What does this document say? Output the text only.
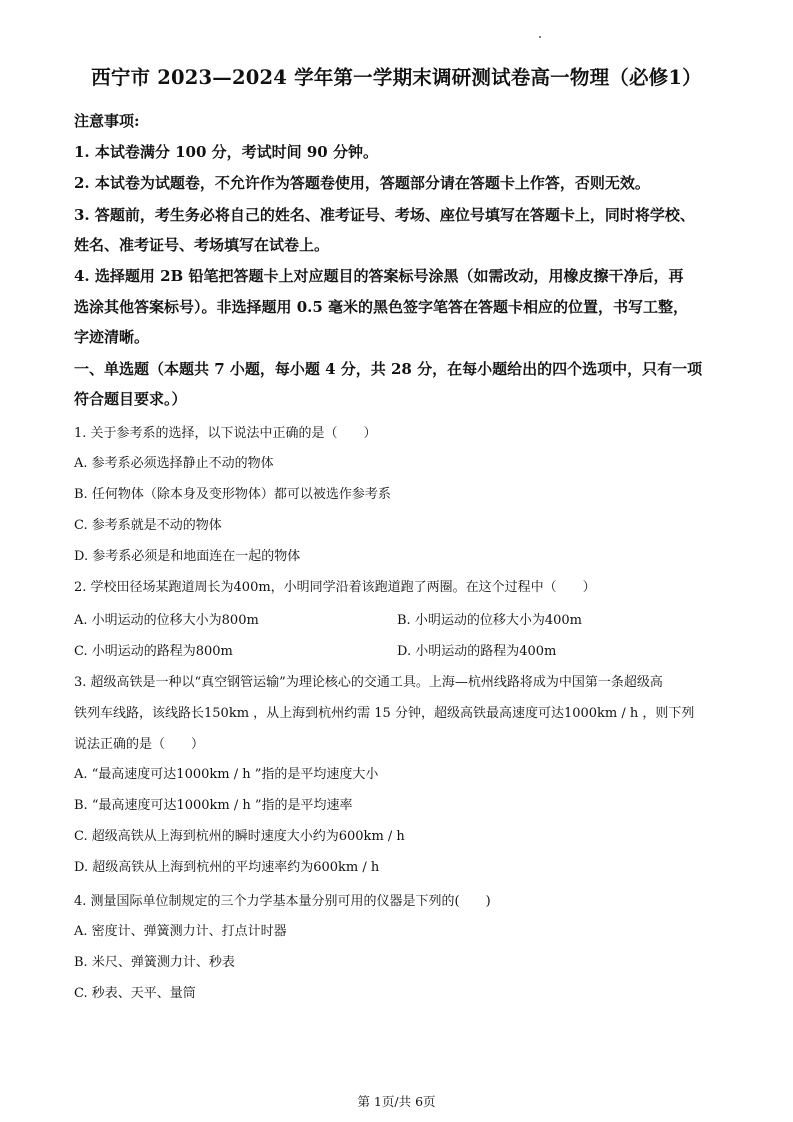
西宁市 2023—2024 学年第一学期末调研测试卷高一物理（必修1）
注意事项:
1. 本试卷满分 100 分，考试时间 90 分钟。
2. 本试卷为试题卷，不允许作为答题卷使用，答题部分请在答题卡上作答，否则无效。
3. 答题前，考生务必将自己的姓名、准考证号、考场、座位号填写在答题卡上，同时将学校、
姓名、准考证号、考场填写在试卷上。
4. 选择题用 2B 铅笔把答题卡上对应题目的答案标号涂黑（如需改动，用橡皮擦干净后，再
选涂其他答案标号）。非选择题用 0.5 毫米的黑色签字笔答在答题卡相应的位置，书写工整，
字迹清晰。
一、单选题（本题共 7 小题，每小题 4 分，共 28 分，在每小题给出的四个选项中，只有一项
符合题目要求。）
1. 关于参考系的选择，以下说法中正确的是（　　）
A. 参考系必须选择静止不动的物体
B. 任何物体（除本身及变形物体）都可以被选作参考系
C. 参考系就是不动的物体
D. 参考系必须是和地面连在一起的物体
2. 学校田径场某跑道周长为400m，小明同学沿着该跑道跑了两圈。在这个过程中（　　）
A. 小明运动的位移大小为800m	B. 小明运动的位移大小为400m
C. 小明运动的路程为800m	D. 小明运动的路程为400m
3. 超级高铁是一种以“真空钢管运输”为理论核心的交通工具。上海—杭州线路将成为中国第一条超级高
铁列车线路，该线路长150km ，从上海到杭州约需 15 分钟，超级高铁最高速度可达1000km / h ，则下列
说法正确的是（　　）
A. “最高速度可达1000km / h ”指的是平均速度大小
B. “最高速度可达1000km / h ”指的是平均速率
C. 超级高铁从上海到杭州的瞬时速度大小约为600km / h
D. 超级高铁从上海到杭州的平均速率约为600km / h
4. 测量国际单位制规定的三个力学基本量分别可用的仪器是下列的(　　)
A. 密度计、弹簧测力计、打点计时器
B. 米尺、弹簧测力计、秒表
C. 秒表、天平、量筒
第 1页/共 6页
